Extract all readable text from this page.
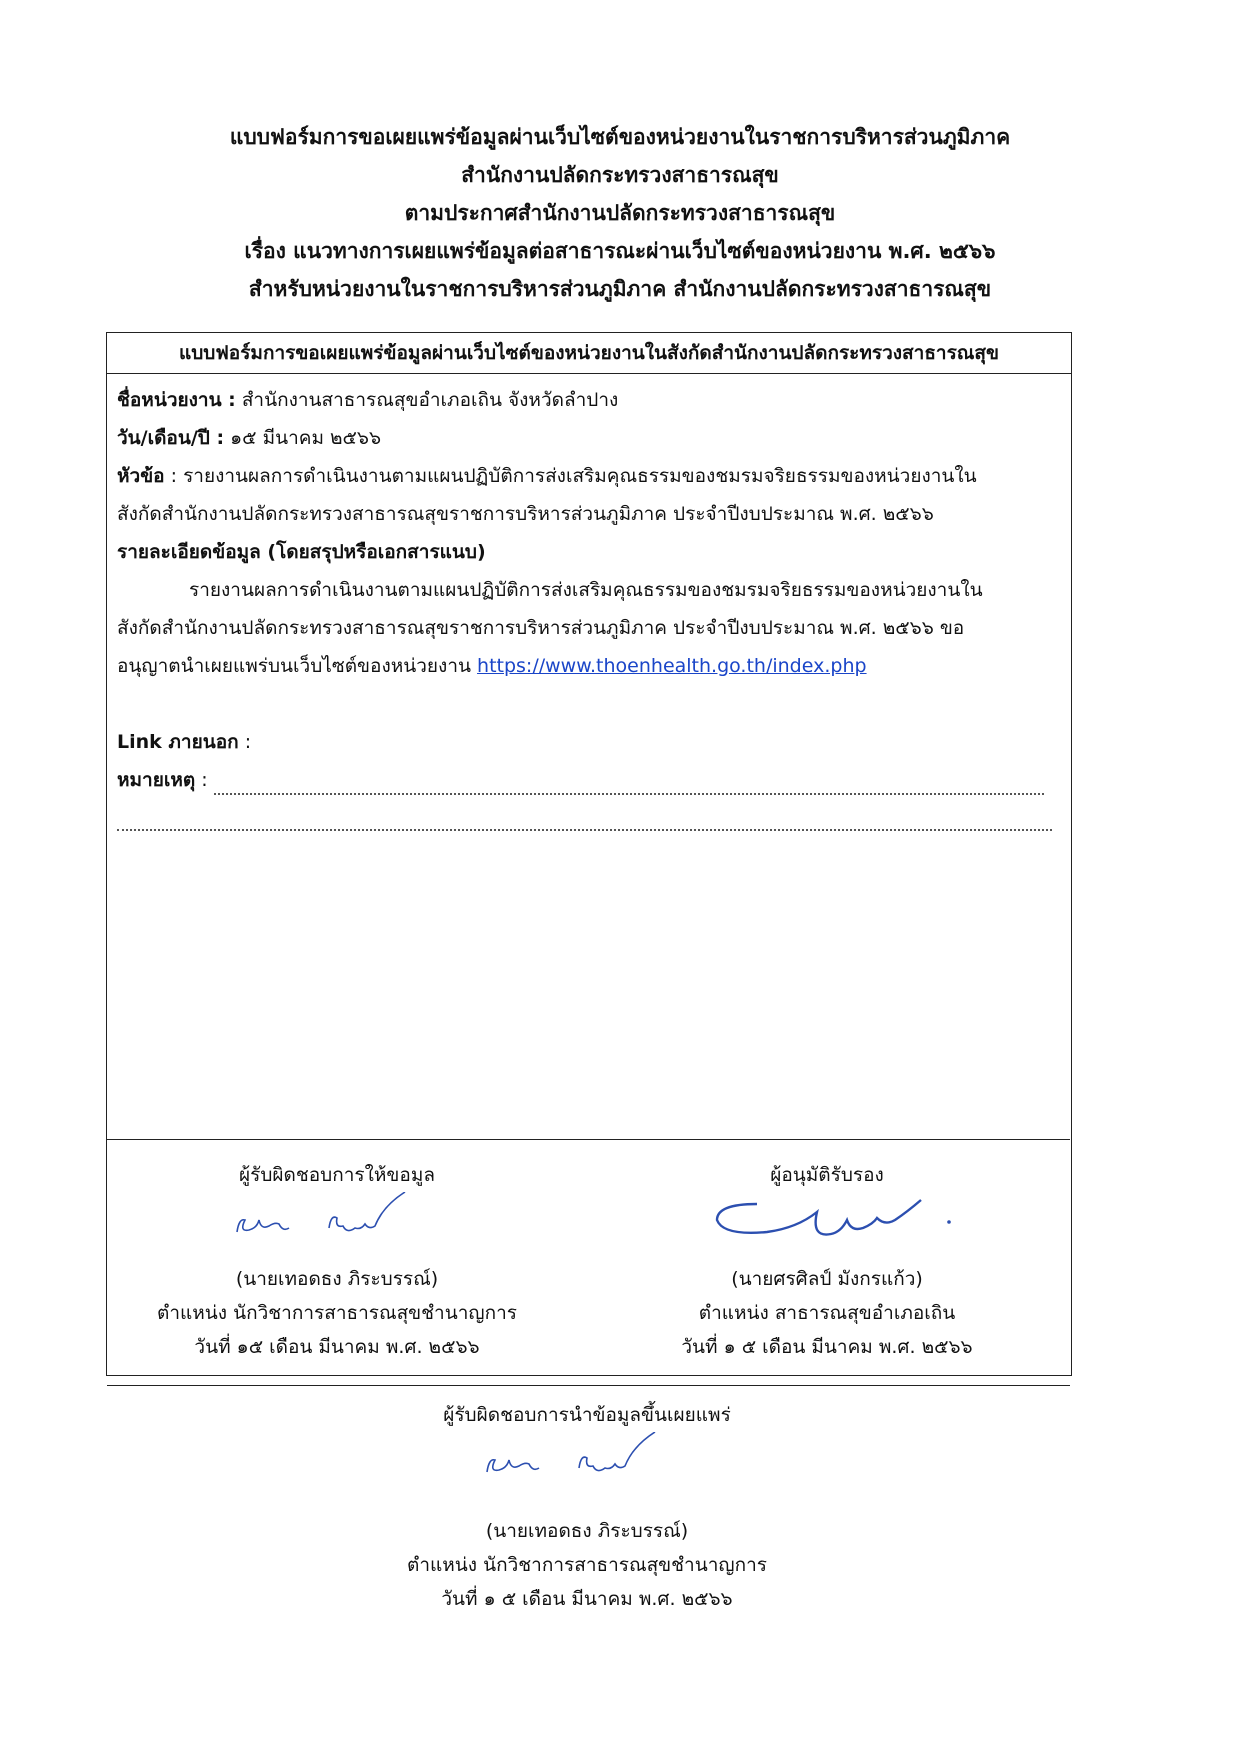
แบบฟอร์มการขอเผยแพร่ข้อมูลผ่านเว็บไซต์ของหน่วยงานในราชการบริหารส่วนภูมิภาค
สำนักงานปลัดกระทรวงสาธารณสุข
ตามประกาศสำนักงานปลัดกระทรวงสาธารณสุข
เรื่อง แนวทางการเผยแพร่ข้อมูลต่อสาธารณะผ่านเว็บไซต์ของหน่วยงาน พ.ศ. ๒๕๖๖
สำหรับหน่วยงานในราชการบริหารส่วนภูมิภาค สำนักงานปลัดกระทรวงสาธารณสุข
แบบฟอร์มการขอเผยแพร่ข้อมูลผ่านเว็บไซต์ของหน่วยงานในสังกัดสำนักงานปลัดกระทรวงสาธารณสุข
ชื่อหน่วยงาน : สำนักงานสาธารณสุขอำเภอเถิน จังหวัดลำปาง
วัน/เดือน/ปี : ๑๕ มีนาคม ๒๕๖๖
หัวข้อ : รายงานผลการดำเนินงานตามแผนปฏิบัติการส่งเสริมคุณธรรมของชมรมจริยธรรมของหน่วยงานใน
สังกัดสำนักงานปลัดกระทรวงสาธารณสุขราชการบริหารส่วนภูมิภาค ประจำปีงบประมาณ พ.ศ. ๒๕๖๖
รายละเอียดข้อมูล (โดยสรุปหรือเอกสารแนบ)
รายงานผลการดำเนินงานตามแผนปฏิบัติการส่งเสริมคุณธรรมของชมรมจริยธรรมของหน่วยงานใน
สังกัดสำนักงานปลัดกระทรวงสาธารณสุขราชการบริหารส่วนภูมิภาค ประจำปีงบประมาณ พ.ศ. ๒๕๖๖ ขอ
อนุญาตนำเผยแพร่บนเว็บไซต์ของหน่วยงาน https://www.thoenhealth.go.th/index.php
Link ภายนอก :
หมายเหตุ :
ผู้รับผิดชอบการให้ขอมูล
(นายเทอดธง ภิระบรรณ์)
ตำแหน่ง นักวิชาการสาธารณสุขชำนาญการ
วันที่ ๑๕ เดือน มีนาคม พ.ศ. ๒๕๖๖
ผู้อนุมัติรับรอง
(นายศรศิลป์ มังกรแก้ว)
ตำแหน่ง สาธารณสุขอำเภอเถิน
วันที่ ๑ ๕ เดือน มีนาคม พ.ศ. ๒๕๖๖
ผู้รับผิดชอบการนำข้อมูลขึ้นเผยแพร่
(นายเทอดธง ภิระบรรณ์)
ตำแหน่ง นักวิชาการสาธารณสุขชำนาญการ
วันที่ ๑ ๕ เดือน มีนาคม พ.ศ. ๒๕๖๖
